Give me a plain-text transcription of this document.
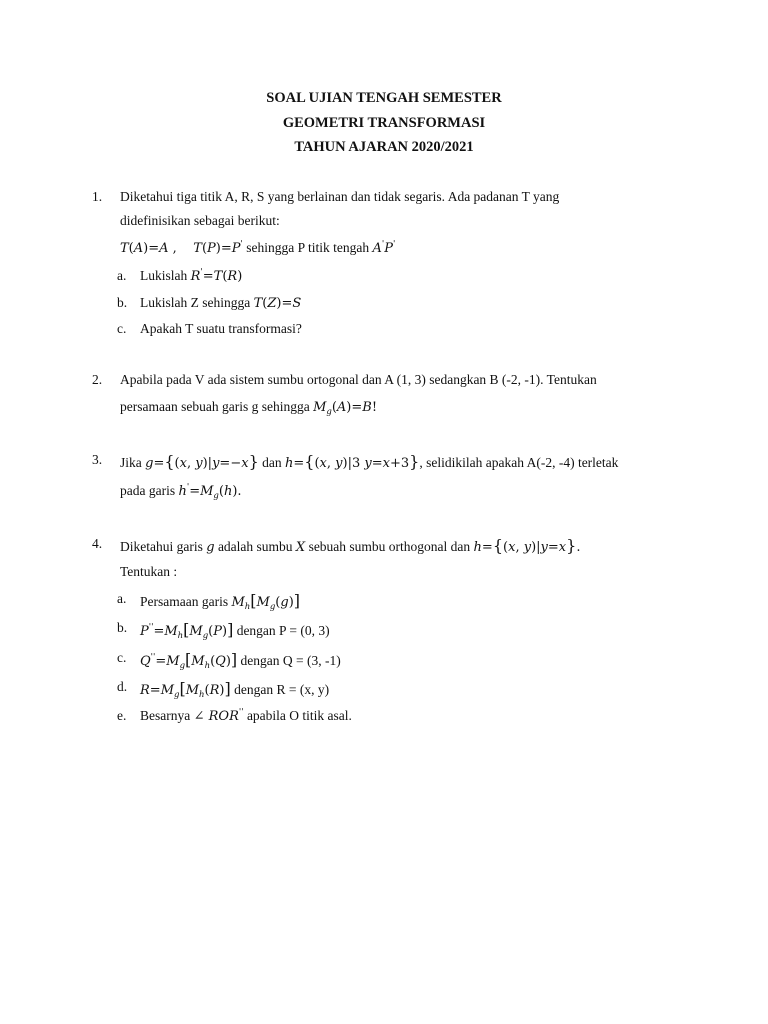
SOAL UJIAN TENGAH SEMESTER
GEOMETRI TRANSFORMASI
TAHUN AJARAN 2020/2021
1. Diketahui tiga titik A, R, S yang berlainan dan tidak segaris. Ada padanan T yang
didefinisikan sebagai berikut:
T(A)=A ,    T(P)=P' sehingga P titik tengah A'P'
a. Lukislah R'=T(R)
b. Lukislah Z sehingga T(Z)=S
c. Apakah T suatu transformasi?
2. Apabila pada V ada sistem sumbu ortogonal dan A (1, 3) sedangkan B (-2, -1). Tentukan
persamaan sebuah garis g sehingga $M_g(A)=B$!
3. Jika g={(x, y)|y=−x} dan h={(x, y)|3 y=x+3}, selidikilah apakah A(-2, -4) terletak
pada garis $h'=M_g(h)$.
4. Diketahui garis g adalah sumbu X sebuah sumbu orthogonal dan h={(x, y)|y=x}.
Tentukan :
a. Persamaan garis $M_h[M_g(g)]$
b. $P''=M_h[M_g(P)]$ dengan P = (0, 3)
c. $Q''=M_g[M_h(Q)]$ dengan Q = (3, -1)
d. $R=M_g[M_h(R)]$ dengan R = (x, y)
e. Besarnya ∠ ROR'' apabila O titik asal.
